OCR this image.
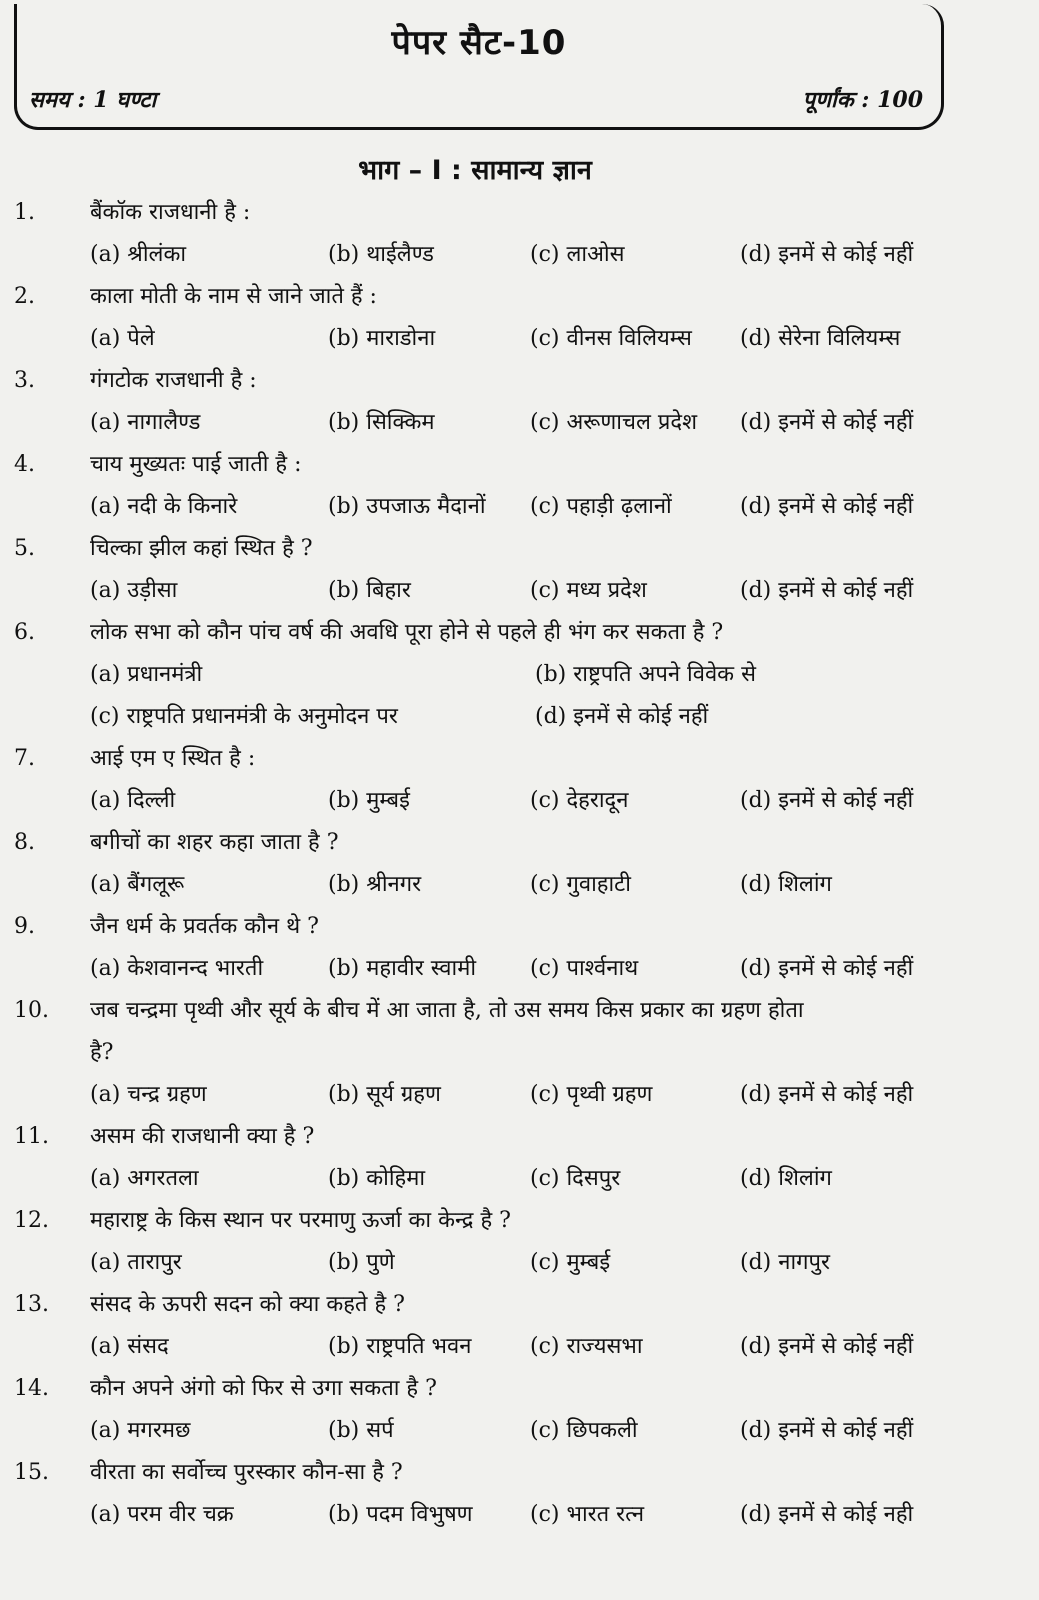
पेपर सैट-10
समय : 1 घण्टा	पूर्णांक : 100
भाग – I : सामान्य ज्ञान
1.	बैंकॉक राजधानी है :
(a) श्रीलंका	(b) थाईलैण्ड	(c) लाओस	(d) इनमें से कोई नहीं
2.	काला मोती के नाम से जाने जाते हैं :
(a) पेले	(b) माराडोना	(c) वीनस विलियम्स (d) सेरेना विलियम्स
3.	गंगटोक राजधानी है :
(a) नागालैण्ड	(b) सिक्किम	(c) अरूणाचल प्रदेश (d) इनमें से कोई नहीं
4.	चाय मुख्यतः पाई जाती है :
(a) नदी के किनारे	(b) उपजाऊ मैदानों (c) पहाड़ी ढ़लानों	(d) इनमें से कोई नहीं
5.	चिल्का झील कहां स्थित है ?
(a) उड़ीसा	(b) बिहार	(c) मध्य प्रदेश	(d) इनमें से कोई नहीं
6.	लोक सभा को कौन पांच वर्ष की अवधि पूरा होने से पहले ही भंग कर सकता है ?
(a) प्रधानमंत्री	(b) राष्ट्रपति अपने विवेक से
(c) राष्ट्रपति प्रधानमंत्री के अनुमोदन पर	(d) इनमें से कोई नहीं
7.	आई एम ए स्थित है :
(a) दिल्ली	(b) मुम्बई	(c) देहरादून	(d) इनमें से कोई नहीं
8.	बगीचों का शहर कहा जाता है ?
(a) बैंगलूरू	(b) श्रीनगर	(c) गुवाहाटी	(d) शिलांग
9.	जैन धर्म के प्रवर्तक कौन थे ?
(a) केशवानन्द भारती	(b) महावीर स्वामी (c) पार्श्वनाथ	(d) इनमें से कोई नहीं
10. जब चन्द्रमा पृथ्वी और सूर्य के बीच में आ जाता है, तो उस समय किस प्रकार का ग्रहण होता
है?
(a) चन्द्र ग्रहण	(b) सूर्य ग्रहण	(c) पृथ्वी ग्रहण	(d) इनमें से कोई नही
11. असम की राजधानी क्या है ?
(a) अगरतला	(b) कोहिमा	(c) दिसपुर	(d) शिलांग
12. महाराष्ट्र के किस स्थान पर परमाणु ऊर्जा का केन्द्र है ?
(a) तारापुर	(b) पुणे	(c) मुम्बई	(d) नागपुर
13. संसद के ऊपरी सदन को क्या कहते है ?
(a) संसद	(b) राष्ट्रपति भवन	(c) राज्यसभा	(d) इनमें से कोई नहीं
14. कौन अपने अंगो को फिर से उगा सकता है ?
(a) मगरमछ	(b) सर्प	(c) छिपकली	(d) इनमें से कोई नहीं
15. वीरता का सर्वोच्च पुरस्कार कौन-सा है ?
(a) परम वीर चक्र	(b) पदम विभुषण	(c) भारत रत्न	(d) इनमें से कोई नही
